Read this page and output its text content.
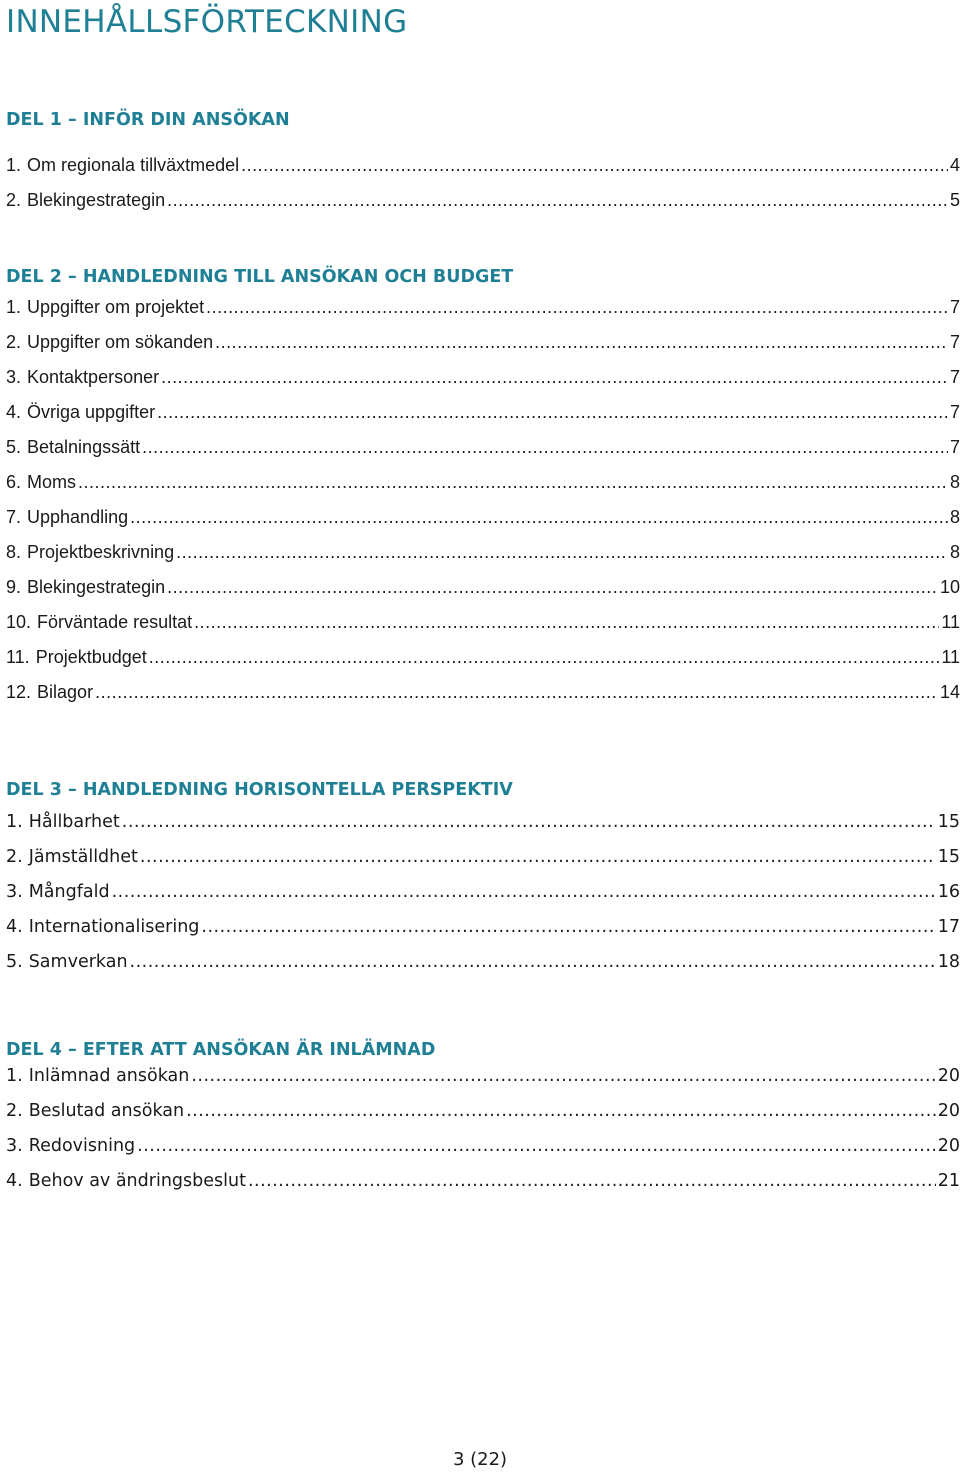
INNEHÅLLSFÖRTECKNING
DEL 1 – INFÖR DIN ANSÖKAN
1. Om regionala tillväxtmedel .....	4
2. Blekingestrategin .....	5
DEL 2 – HANDLEDNING TILL ANSÖKAN OCH BUDGET
1. Uppgifter om projektet .....	7
2. Uppgifter om sökanden .....	7
3. Kontaktpersoner .....	7
4. Övriga uppgifter .....	7
5. Betalningssätt .....	7
6. Moms .....	8
7. Upphandling .....	8
8. Projektbeskrivning .....	8
9. Blekingestrategin .....	10
10. Förväntade resultat .....	11
11. Projektbudget .....	11
12. Bilagor .....	14
DEL 3 – HANDLEDNING HORISONTELLA PERSPEKTIV
1. Hållbarhet .....	15
2. Jämställdhet .....	15
3. Mångfald .....	16
4. Internationalisering .....	17
5. Samverkan .....	18
DEL 4 – EFTER ATT ANSÖKAN ÄR INLÄMNAD
1. Inlämnad ansökan .....	20
2. Beslutad ansökan .....	20
3. Redovisning .....	20
4. Behov av ändringsbeslut .....	21
3 (22)
